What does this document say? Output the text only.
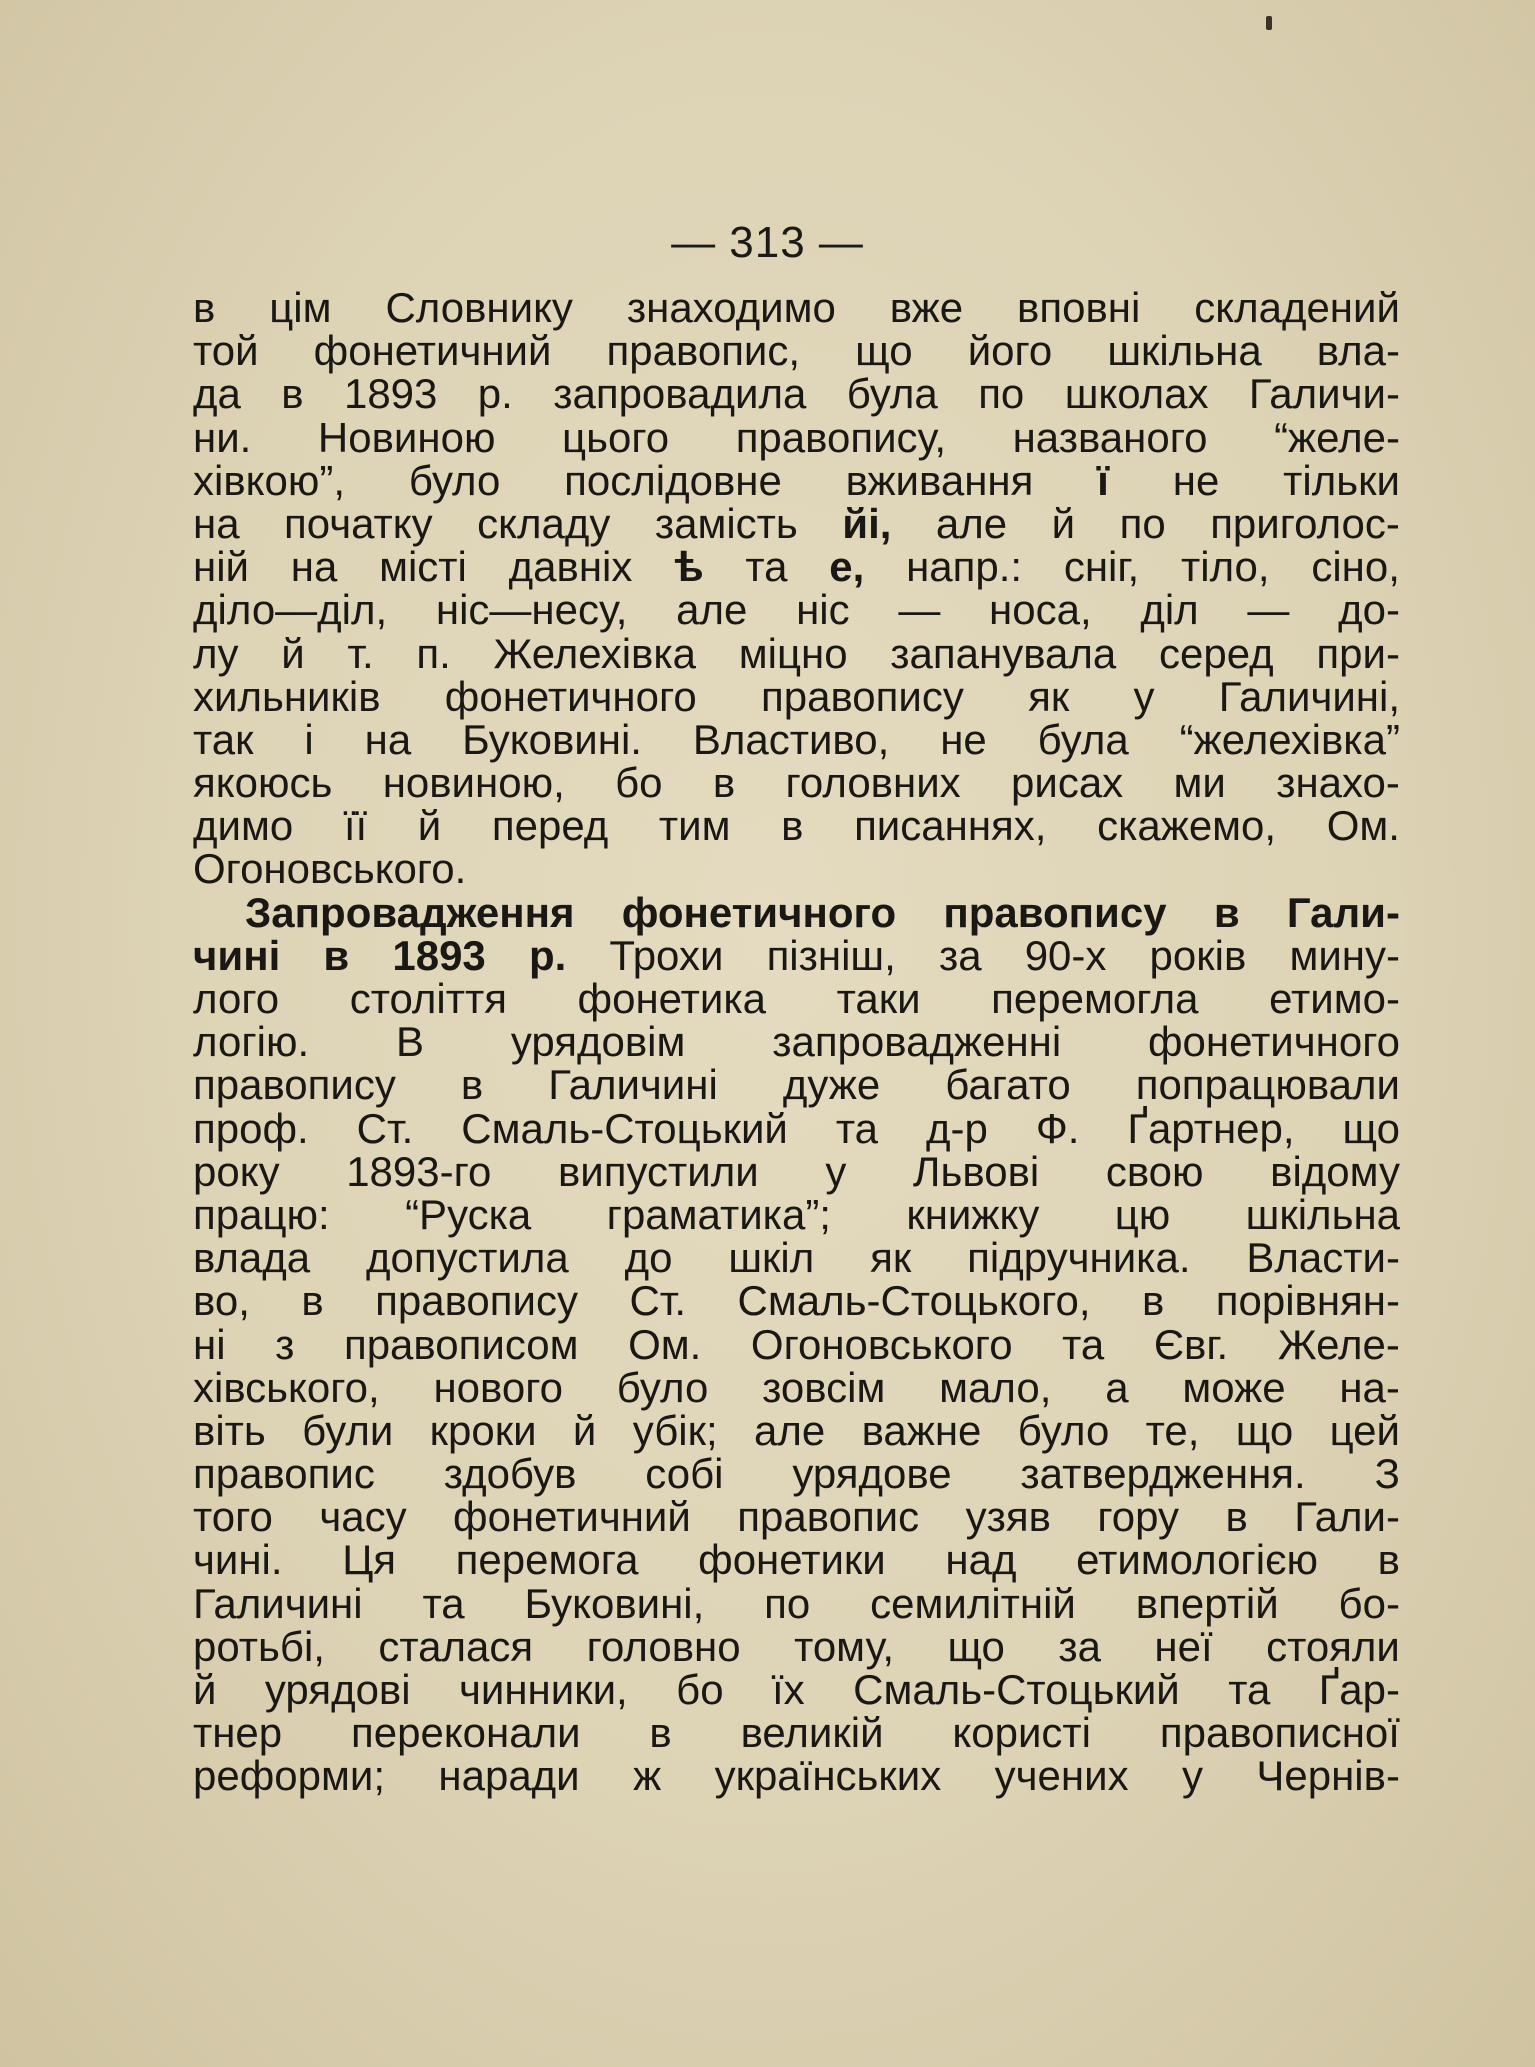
— 313 —
в цім Словнику знаходимо вже вповні складений
той фонетичний правопис, що його шкільна вла-
да в 1893 р. запровадила була по школах Галичи-
ни. Новиною цього правопису, названого “желе-
хівкою”, було послідовне вживання ї не тільки
на початку складу замість йі, але й по приголос-
ній на місті давніх ѣ та е, напр.: сніг, тіло, сіно,
діло—діл, ніс—несу, але ніс — носа, діл — до-
лу й т. п. Желехівка міцно запанувала серед при-
хильників фонетичного правопису як у Галичині,
так і на Буковині. Властиво, не була “желехівка”
якоюсь новиною, бо в головних рисах ми знахо-
димо її й перед тим в писаннях, скажемо, Ом.
Огоновського.
Запровадження фонетичного правопису в Гали-
чині в 1893 р. Трохи пізніш, за 90-х років мину-
лого століття фонетика таки перемогла етимо-
логію. В урядовім запровадженні фонетичного
правопису в Галичині дуже багато попрацювали
проф. Ст. Смаль-Стоцький та д-р Ф. Ґартнер, що
року 1893-го випустили у Львові свою відому
працю: “Руска граматика”; книжку цю шкільна
влада допустила до шкіл як підручника. Власти-
во, в правопису Ст. Смаль-Стоцького, в порівнян-
ні з правописом Ом. Огоновського та Євг. Желе-
хівського, нового було зовсім мало, а може на-
віть були кроки й убік; але важне було те, що цей
правопис здобув собі урядове затвердження. З
того часу фонетичний правопис узяв гору в Гали-
чині. Ця перемога фонетики над етимологією в
Галичині та Буковині, по семилітній впертій бо-
ротьбі, сталася головно тому, що за неї стояли
й урядові чинники, бо їх Смаль-Стоцький та Ґар-
тнер переконали в великій користі правописної
реформи; наради ж українських учених у Чернів-
